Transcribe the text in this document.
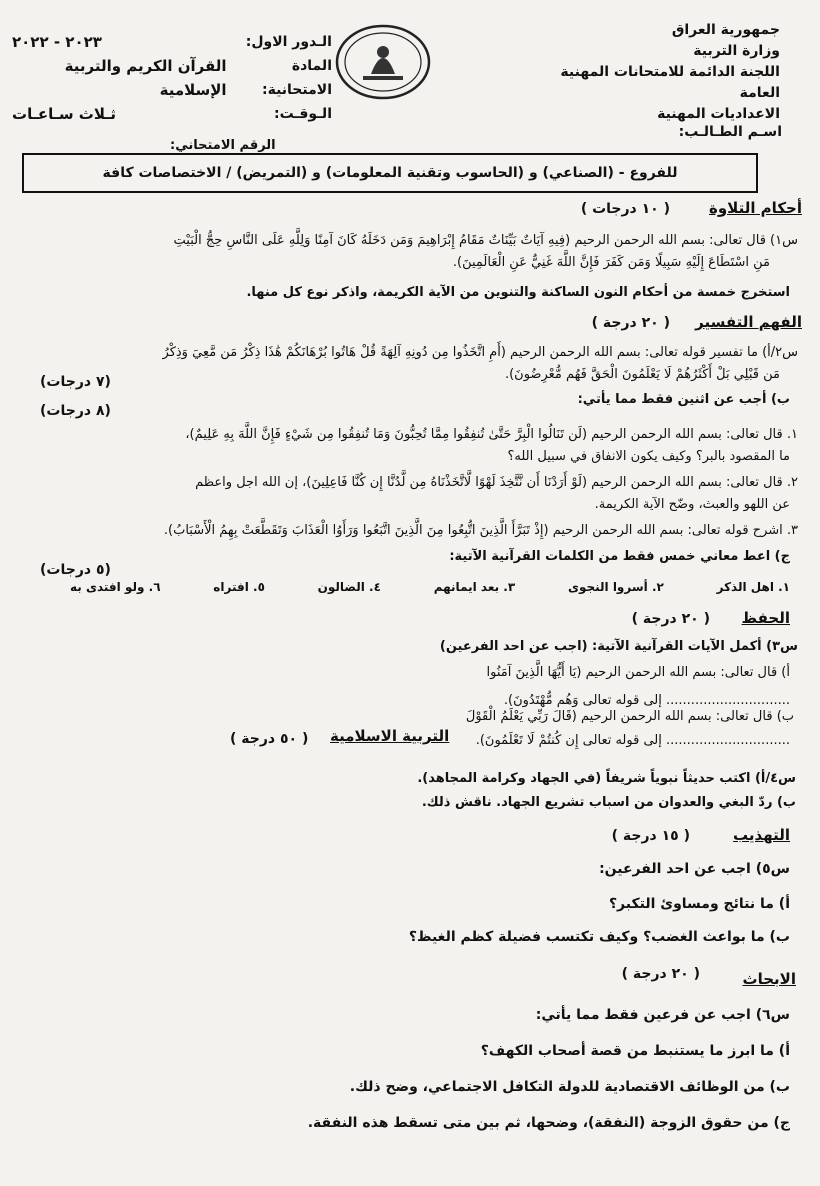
جمهورية العراق
وزارة التربية
اللجنة الدائمة للامتحانات المهنية العامة
الاعداديات المهنية
الـدور الاول:
٢٠٢٣ - ٢٠٢٢
المادة الامتحانية:
القرآن الكريم والتربية الإسلامية
الـوقـت:
ثـلاث سـاعـات
اسـم الطـالـب:
الرقم الامتحاني:
للفروع - (الصناعي) و (الحاسوب وتقنية المعلومات) و (التمريض) / الاختصاصات كافة
أحكام التلاوة
( ١٠ درجات )
س١) قال تعالى: بسم الله الرحمن الرحيم (فِيهِ آيَاتٌ بَيِّنَاتٌ مَقَامُ إِبْرَاهِيمَ وَمَن دَخَلَهُ كَانَ آمِنًا وَلِلَّهِ عَلَى النَّاسِ حِجُّ الْبَيْتِ
مَنِ اسْتَطَاعَ إِلَيْهِ سَبِيلًا وَمَن كَفَرَ فَإِنَّ اللَّهَ غَنِيٌّ عَنِ الْعَالَمِينَ).
استخرج خمسة من أحكام النون الساكنة والتنوين من الآية الكريمة، واذكر نوع كل منها.
الفهم التفسير
( ٢٠ درجة )
س٢/أ) ما تفسير قوله تعالى: بسم الله الرحمن الرحيم (أَمِ اتَّخَذُوا مِن دُونِهِ آلِهَةً قُلْ هَاتُوا بُرْهَانَكُمْ هَٰذَا ذِكْرُ مَن مَّعِيَ وَذِكْرُ
مَن قَبْلِي بَلْ أَكْثَرُهُمْ لَا يَعْلَمُونَ الْحَقَّ فَهُم مُّعْرِضُونَ).
(٧ درجات)
ب) أجب عن اثنين فقط مما يأتي:
(٨ درجات)
١. قال تعالى: بسم الله الرحمن الرحيم (لَن تَنَالُوا الْبِرَّ حَتَّىٰ تُنفِقُوا مِمَّا تُحِبُّونَ وَمَا تُنفِقُوا مِن شَيْءٍ فَإِنَّ اللَّهَ بِهِ عَلِيمٌ)،
ما المقصود بالبر؟ وكيف يكون الانفاق في سبيل الله؟
٢. قال تعالى: بسم الله الرحمن الرحيم (لَوْ أَرَدْنَا أَن نَّتَّخِذَ لَهْوًا لَّاتَّخَذْنَاهُ مِن لَّدُنَّا إِن كُنَّا فَاعِلِينَ)، إن الله اجل واعظم
عن اللهو والعبث، وضّح الآية الكريمة.
٣. اشرح قوله تعالى: بسم الله الرحمن الرحيم (إِذْ تَبَرَّأَ الَّذِينَ اتُّبِعُوا مِنَ الَّذِينَ اتَّبَعُوا وَرَأَوُا الْعَذَابَ وَتَقَطَّعَتْ بِهِمُ الْأَسْبَابُ).
ج) اعط معاني خمس فقط من الكلمات القرآنية الآتية:
(٥ درجات)
١. اهل الذكر
٢. أسروا النجوى
٣. بعد ايمانهم
٤. الضالون
٥. افتراه
٦. ولو افتدى به
الحفظ
( ٢٠ درجة )
س٣) أكمل الآيات القرآنية الآتية: (اجب عن احد الفرعين)
أ) قال تعالى: بسم الله الرحمن الرحيم (يَا أَيُّهَا الَّذِينَ آمَنُوا
.............................. إلى قوله تعالى وَهُم مُّهْتَدُونَ).
ب) قال تعالى: بسم الله الرحمن الرحيم (قَالَ رَبِّي يَعْلَمُ الْقَوْلَ
.............................. إلى قوله تعالى إِن كُنتُمْ لَا تَعْلَمُونَ).
التربية الاسلامية
( ٥٠ درجة )
س٤/أ) اكتب حديثاً نبوياً شريفاً (في الجهاد وكرامة المجاهد).
ب) ردّ البغي والعدوان من اسباب تشريع الجهاد. ناقش ذلك.
التهذيب
( ١٥ درجة )
س٥) اجب عن احد الفرعين:
أ) ما نتائج ومساوئ التكبر؟
ب) ما بواعث الغضب؟ وكيف تكتسب فضيلة كظم الغيظ؟
الابحاث
( ٢٠ درجة )
س٦) اجب عن فرعين فقط مما يأتي:
أ) ما ابرز ما يستنبط من قصة أصحاب الكهف؟
ب) من الوظائف الاقتصادية للدولة التكافل الاجتماعي، وضح ذلك.
ج) من حقوق الزوجة (النفقة)، وضحها، ثم بين متى تسقط هذه النفقة.
